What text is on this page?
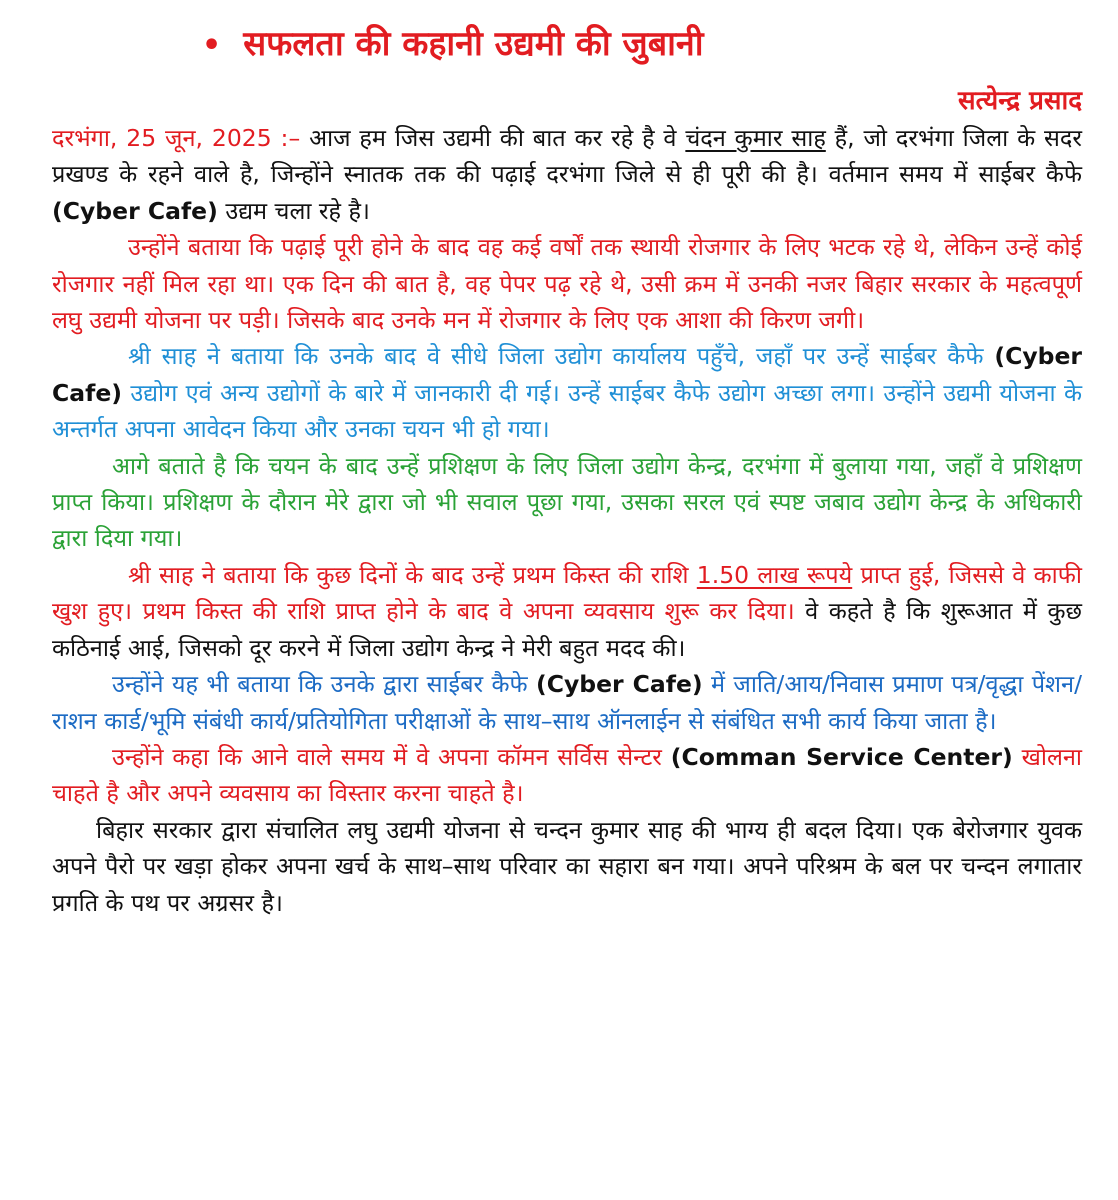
• सफलता की कहानी उद्यमी की जुबानी
सत्येन्द्र प्रसाद

दरभंगा, 25 जून, 2025 :– आज हम जिस उद्यमी की बात कर रहे है वे चंदन कुमार साह हैं, जो दरभंगा जिला के सदर प्रखण्ड के रहने वाले है, जिन्होंने स्नातक तक की पढ़ाई दरभंगा जिले से ही पूरी की है। वर्तमान समय में साईबर कैफे (Cyber Cafe) उद्यम चला रहे है।

उन्होंने बताया कि पढ़ाई पूरी होने के बाद वह कई वर्षों तक स्थायी रोजगार के लिए भटक रहे थे, लेकिन उन्हें कोई रोजगार नहीं मिल रहा था। एक दिन की बात है, वह पेपर पढ़ रहे थे, उसी क्रम में उनकी नजर बिहार सरकार के महत्वपूर्ण लघु उद्यमी योजना पर पड़ी। जिसके बाद उनके मन में रोजगार के लिए एक आशा की किरण जगी।

श्री साह ने बताया कि उनके बाद वे सीधे जिला उद्योग कार्यालय पहुँचे, जहाँ पर उन्हें साईबर कैफे (Cyber Cafe) उद्योग एवं अन्य उद्योगों के बारे में जानकारी दी गई। उन्हें साईबर कैफे उद्योग अच्छा लगा। उन्होंने उद्यमी योजना के अन्तर्गत अपना आवेदन किया और उनका चयन भी हो गया।

आगे बताते है कि चयन के बाद उन्हें प्रशिक्षण के लिए जिला उद्योग केन्द्र, दरभंगा में बुलाया गया, जहाँ वे प्रशिक्षण प्राप्त किया। प्रशिक्षण के दौरान मेरे द्वारा जो भी सवाल पूछा गया, उसका सरल एवं स्पष्ट जबाव उद्योग केन्द्र के अधिकारी द्वारा दिया गया।

श्री साह ने बताया कि कुछ दिनों के बाद उन्हें प्रथम किस्त की राशि 1.50 लाख रूपये प्राप्त हुई, जिससे वे काफी खुश हुए। प्रथम किस्त की राशि प्राप्त होने के बाद वे अपना व्यवसाय शुरू कर दिया। वे कहते है कि शुरूआत में कुछ कठिनाई आई, जिसको दूर करने में जिला उद्योग केन्द्र ने मेरी बहुत मदद की।

उन्होंने यह भी बताया कि उनके द्वारा साईबर कैफे (Cyber Cafe) में जाति/आय/निवास प्रमाण पत्र/वृद्धा पेंशन/राशन कार्ड/भूमि संबंधी कार्य/प्रतियोगिता परीक्षाओं के साथ–साथ ऑनलाईन से संबंधित सभी कार्य किया जाता है।

उन्होंने कहा कि आने वाले समय में वे अपना कॉमन सर्विस सेन्टर (Comman Service Center) खोलना चाहते है और अपने व्यवसाय का विस्तार करना चाहते है।

बिहार सरकार द्वारा संचालित लघु उद्यमी योजना से चन्दन कुमार साह की भाग्य ही बदल दिया। एक बेरोजगार युवक अपने पैरो पर खड़ा होकर अपना खर्च के साथ–साथ परिवार का सहारा बन गया। अपने परिश्रम के बल पर चन्दन लगातार प्रगति के पथ पर अग्रसर है।
